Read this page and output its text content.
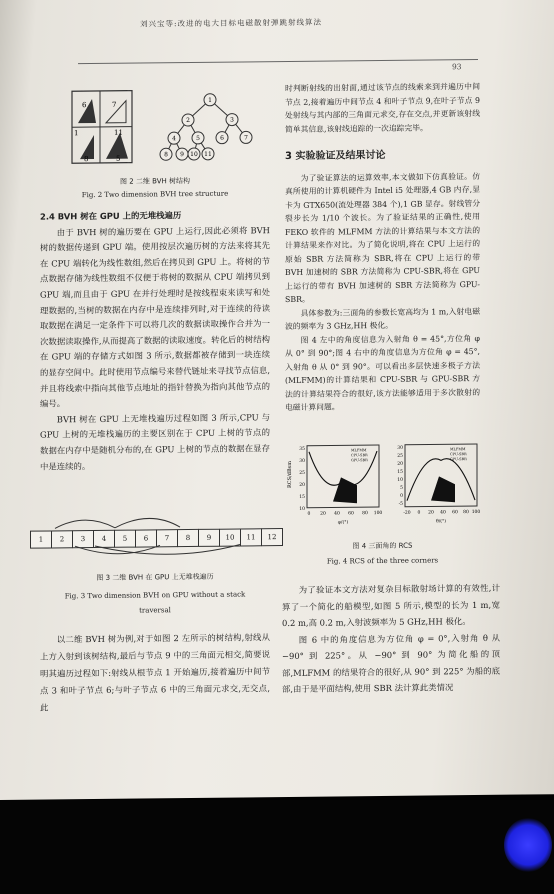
刘兴宝等:改进的电大目标电磁散射弹跳射线算法
93
6	7
1	11
8	5
1
2	3
4	5	6	7
8 9 10 11
图 2 二维 BVH 树结构
Fig. 2 Two dimension BVH tree structure
2.4 BVH 树在 GPU 上的无堆栈遍历

由于 BVH 树的遍历要在 GPU 上运行,因此必须将 BVH 树的数据传递到 GPU 端。使用按层次遍历树的方法来将其先在 CPU 端转化为线性数组,然后在拷贝到 GPU 上。将树的节点数据存储为线性数组不仅便于将树的数据从 CPU 端拷贝到 GPU 端,而且由于 GPU 在并行处理时是按线程束来读写和处理数据的,当树的数据在内存中是连续排列时,对于连续的待读取数据在满足一定条件下可以将几次的数据读取操作合并为一次数据读取操作,从而提高了数据的读取速度。转化后的树结构在 GPU 端的存储方式如图 3 所示,数据都被存储到一块连续的显存空间中。此时使用节点编号来替代链址来寻找节点信息,并且将线索中指向其他节点地址的指针替换为指向其他节点的编号。

BVH 树在 GPU 上无堆栈遍历过程如图 3 所示,CPU 与 GPU 上树的无堆栈遍历的主要区别在于 CPU 上树的节点的数据在内存中是随机分布的,在 GPU 上树的节点的数据在显存中是连续的。

1 2 3 4 5 6 7 8 9 10 11 12
图 3 二维 BVH 在 GPU 上无堆栈遍历
Fig. 3 Two dimension BVH on GPU without a stack traversal

以二维 BVH 树为例,对于如图 2 左所示的树结构,射线从上方入射到该树结构,最后与节点 9 中的三角面元相交,简要说明其遍历过程如下:射线从根节点 1 开始遍历,接着遍历中间节点 3 和叶子节点 6;与叶子节点 6 中的三角面元求交,无交点,此

时判断射线的出射面,通过该节点的线索来到并遍历中间节点 2,接着遍历中间节点 4 和叶子节点 9,在叶子节点 9 处射线与其内部的三角面元求交,存在交点,并更新该射线简单其信息,该射线追踪的一次追踪完毕。
3 实验验证及结果讨论

为了验证算法的运算效率,本文做如下仿真验证。仿真所使用的计算机硬件为 Intel i5 处理器,4 GB 内存,显卡为 GTX650(流处理器 384 个),1 GB 显存。射线管分裂步长为 1/10 个波长。为了验证结果的正确性,使用 FEKO 软件的 MLFMM 方法的计算结果与本文方法的计算结果来作对比。为了简化说明,将在 CPU 上运行的原始 SBR 方法简称为 SBR,将在 CPU 上运行的带 BVH 加速树的 SBR 方法简称为 CPU-SBR,将在 GPU 上运行的带有 BVH 加速树的 SBR 方法简称为 GPU-SBR。

具体参数为:三面角的参数长宽高均为 1 m,入射电磁波的频率为 3 GHz,HH 极化。

图 4 左中的角度信息为入射角 θ = 45°,方位角 φ 从 0° 到 90°;图 4 右中的角度信息为方位角 φ = 45°,入射角 θ 从 0° 到 90°。可以看出多层快速多极子方法(MLFMM)的计算结果和 CPU-SBR 与 GPU-SBR 方法的计算结果符合的很好,该方法能够适用于多次散射的电磁计算问题。

RCS/dBsm
35
30
25
20
15
10
30
25
20
15
10
5
0
-5
0 20 40 60 80 100	-20 0 20 40 60 80 100
φ/(°)	θ/(°)
MLFMM
CPU-SBR
GPU-SBR
MLFMM
CPU-SBR
GPU-SBR
图 4 三面角的 RCS
Fig. 4 RCS of the three corners

为了验证本文方法对复杂目标散射场计算的有效性,计算了一个简化的船模型,如图 5 所示,模型的长为 1 m,宽 0.2 m,高 0.2 m,入射波频率为 5 GHz,HH 极化。

图 6 中的角度信息为方位角 φ = 0°,入射角 θ 从 −90° 到 225°。从 −90° 到 90° 为简化船的顶部,MLFMM 的结果符合的很好,从 90° 到 225° 为船的底部,由于是平面结构,使用 SBR 法计算此类情况
